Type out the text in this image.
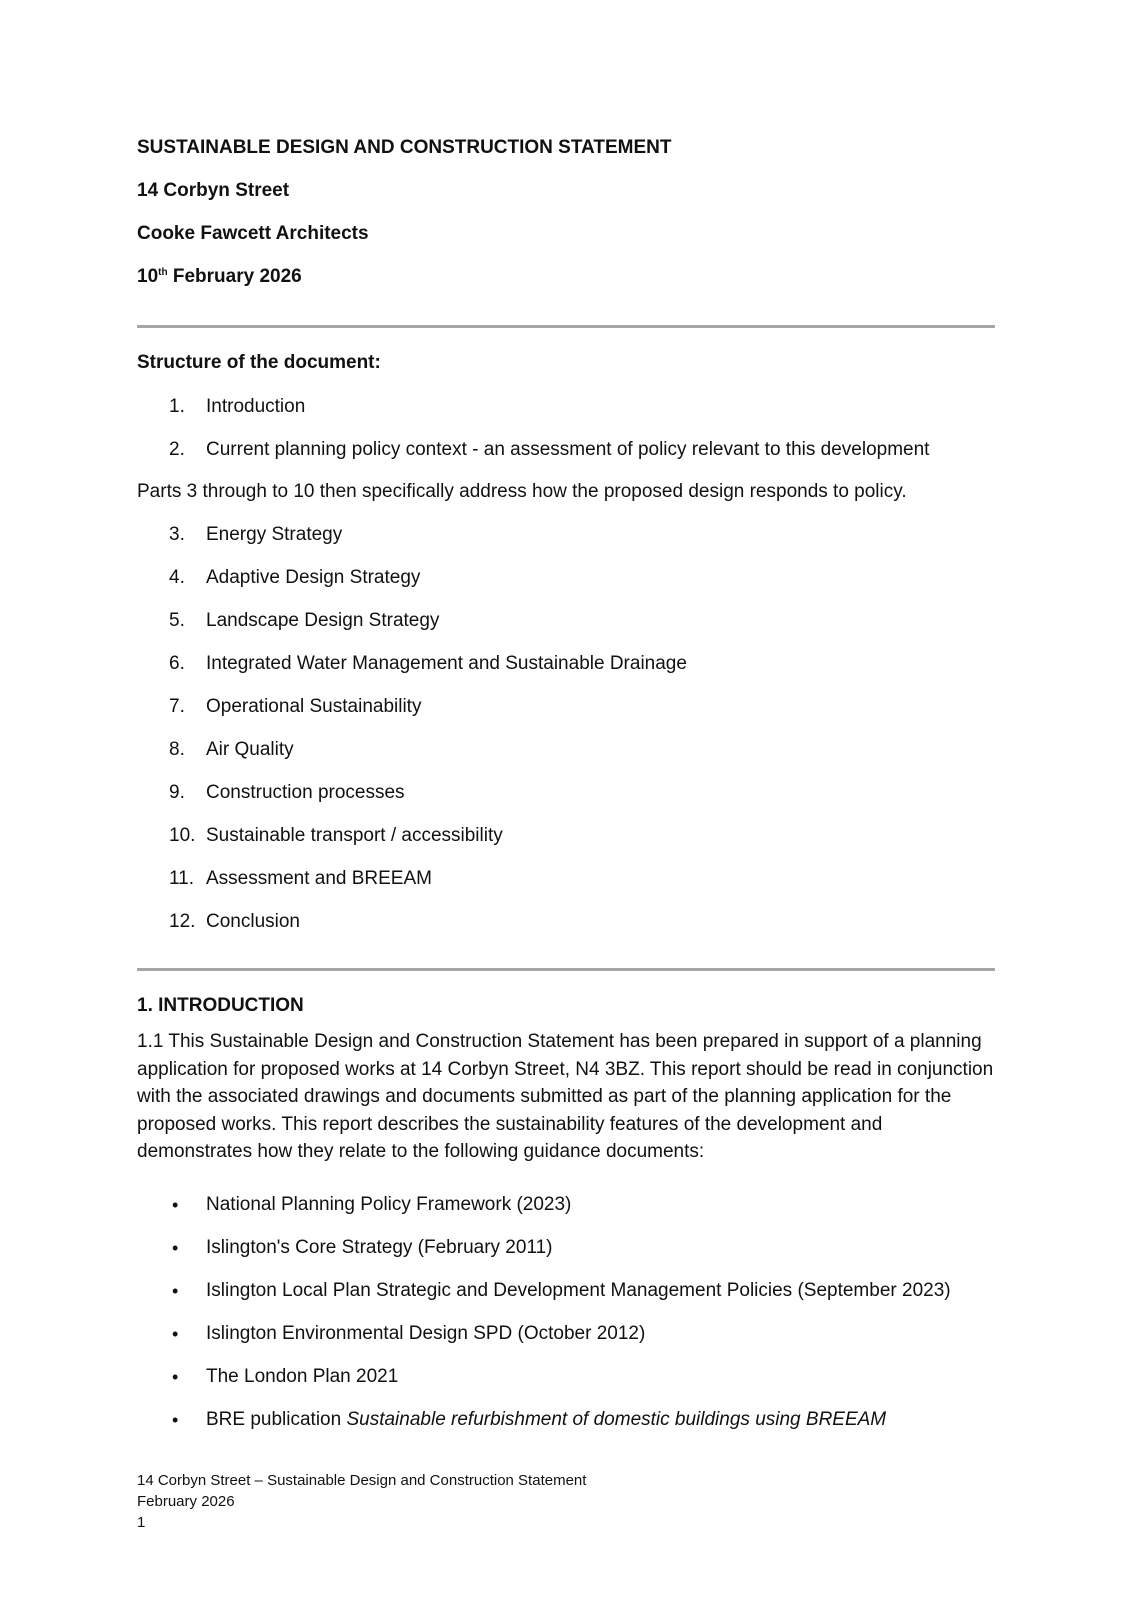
SUSTAINABLE DESIGN AND CONSTRUCTION STATEMENT
14 Corbyn Street
Cooke Fawcett Architects
10th February 2026
Structure of the document:
1.	Introduction
2.	Current planning policy context - an assessment of policy relevant to this development
Parts 3 through to 10 then specifically address how the proposed design responds to policy.
3.	Energy Strategy
4.	Adaptive Design Strategy
5.	Landscape Design Strategy
6.	Integrated Water Management and Sustainable Drainage
7.	Operational Sustainability
8.	Air Quality
9.	Construction processes
10. Sustainable transport / accessibility
11. Assessment and BREEAM
12. Conclusion
1. INTRODUCTION
1.1 This Sustainable Design and Construction Statement has been prepared in support of a planning application for proposed works at 14 Corbyn Street, N4 3BZ. This report should be read in conjunction with the associated drawings and documents submitted as part of the planning application for the proposed works. This report describes the sustainability features of the development and demonstrates how they relate to the following guidance documents:
• National Planning Policy Framework (2023)
• Islington's Core Strategy (February 2011)
• Islington Local Plan Strategic and Development Management Policies (September 2023)
• Islington Environmental Design SPD (October 2012)
• The London Plan 2021
• BRE publication Sustainable refurbishment of domestic buildings using BREEAM
14 Corbyn Street – Sustainable Design and Construction Statement
February 2026
1
